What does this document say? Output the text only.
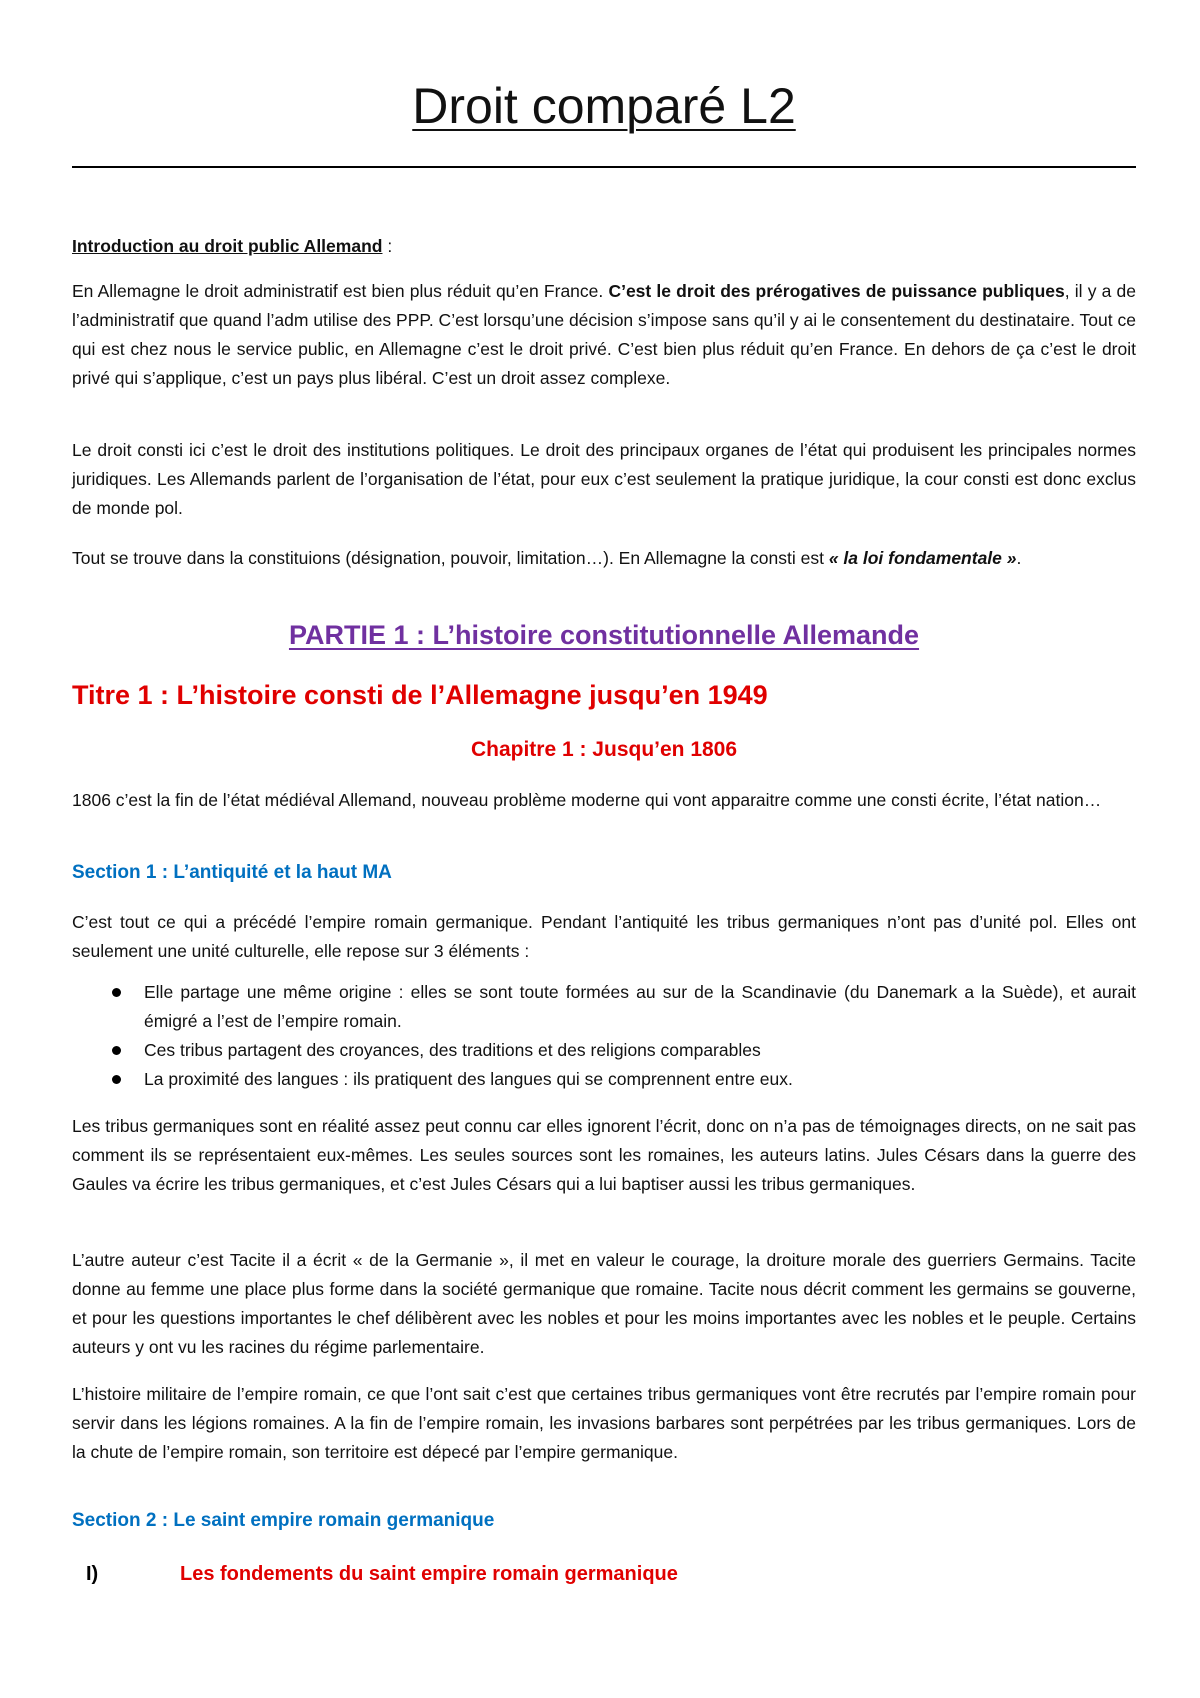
Droit comparé L2

Introduction au droit public Allemand :

En Allemagne le droit administratif est bien plus réduit qu’en France. C’est le droit des prérogatives de puissance publiques, il y a de l’administratif que quand l’adm utilise des PPP. C’est lorsqu’une décision s’impose sans qu’il y ai le consentement du destinataire. Tout ce qui est chez nous le service public, en Allemagne c’est le droit privé. C’est bien plus réduit qu’en France. En dehors de ça c’est le droit privé qui s’applique, c’est un pays plus libéral. C’est un droit assez complexe.

Le droit consti ici c’est le droit des institutions politiques. Le droit des principaux organes de l’état qui produisent les principales normes juridiques. Les Allemands parlent de l’organisation de l’état, pour eux c’est seulement la pratique juridique, la cour consti est donc exclus de monde pol.

Tout se trouve dans la constituions (désignation, pouvoir, limitation…). En Allemagne la consti est « la loi fondamentale ».

PARTIE 1 : L’histoire constitutionnelle Allemande
Titre 1 : L’histoire consti de l’Allemagne jusqu’en 1949
Chapitre 1 : Jusqu’en 1806

1806 c’est la fin de l’état médiéval Allemand, nouveau problème moderne qui vont apparaitre comme une consti écrite, l’état nation…

Section 1 : L’antiquité et la haut MA

C’est tout ce qui a précédé l’empire romain germanique. Pendant l’antiquité les tribus germaniques n’ont pas d’unité pol. Elles ont seulement une unité culturelle, elle repose sur 3 éléments :

Elle partage une même origine : elles se sont toute formées au sur de la Scandinavie (du Danemark a la Suède), et aurait émigré a l’est de l’empire romain.
Ces tribus partagent des croyances, des traditions et des religions comparables
La proximité des langues : ils pratiquent des langues qui se comprennent entre eux.

Les tribus germaniques sont en réalité assez peut connu car elles ignorent l’écrit, donc on n’a pas de témoignages directs, on ne sait pas comment ils se représentaient eux-mêmes. Les seules sources sont les romaines, les auteurs latins. Jules Césars dans la guerre des Gaules va écrire les tribus germaniques, et c’est Jules Césars qui a lui baptiser aussi les tribus germaniques.

L’autre auteur c’est Tacite il a écrit « de la Germanie », il met en valeur le courage, la droiture morale des guerriers Germains. Tacite donne au femme une place plus forme dans la société germanique que romaine. Tacite nous décrit comment les germains se gouverne, et pour les questions importantes le chef délibèrent avec les nobles et pour les moins importantes avec les nobles et le peuple. Certains auteurs y ont vu les racines du régime parlementaire.

L’histoire militaire de l’empire romain, ce que l’ont sait c’est que certaines tribus germaniques vont être recrutés par l’empire romain pour servir dans les légions romaines. A la fin de l’empire romain, les invasions barbares sont perpétrées par les tribus germaniques. Lors de la chute de l’empire romain, son territoire est dépecé par l’empire germanique.

Section 2 : Le saint empire romain germanique
I)	Les fondements du saint empire romain germanique
